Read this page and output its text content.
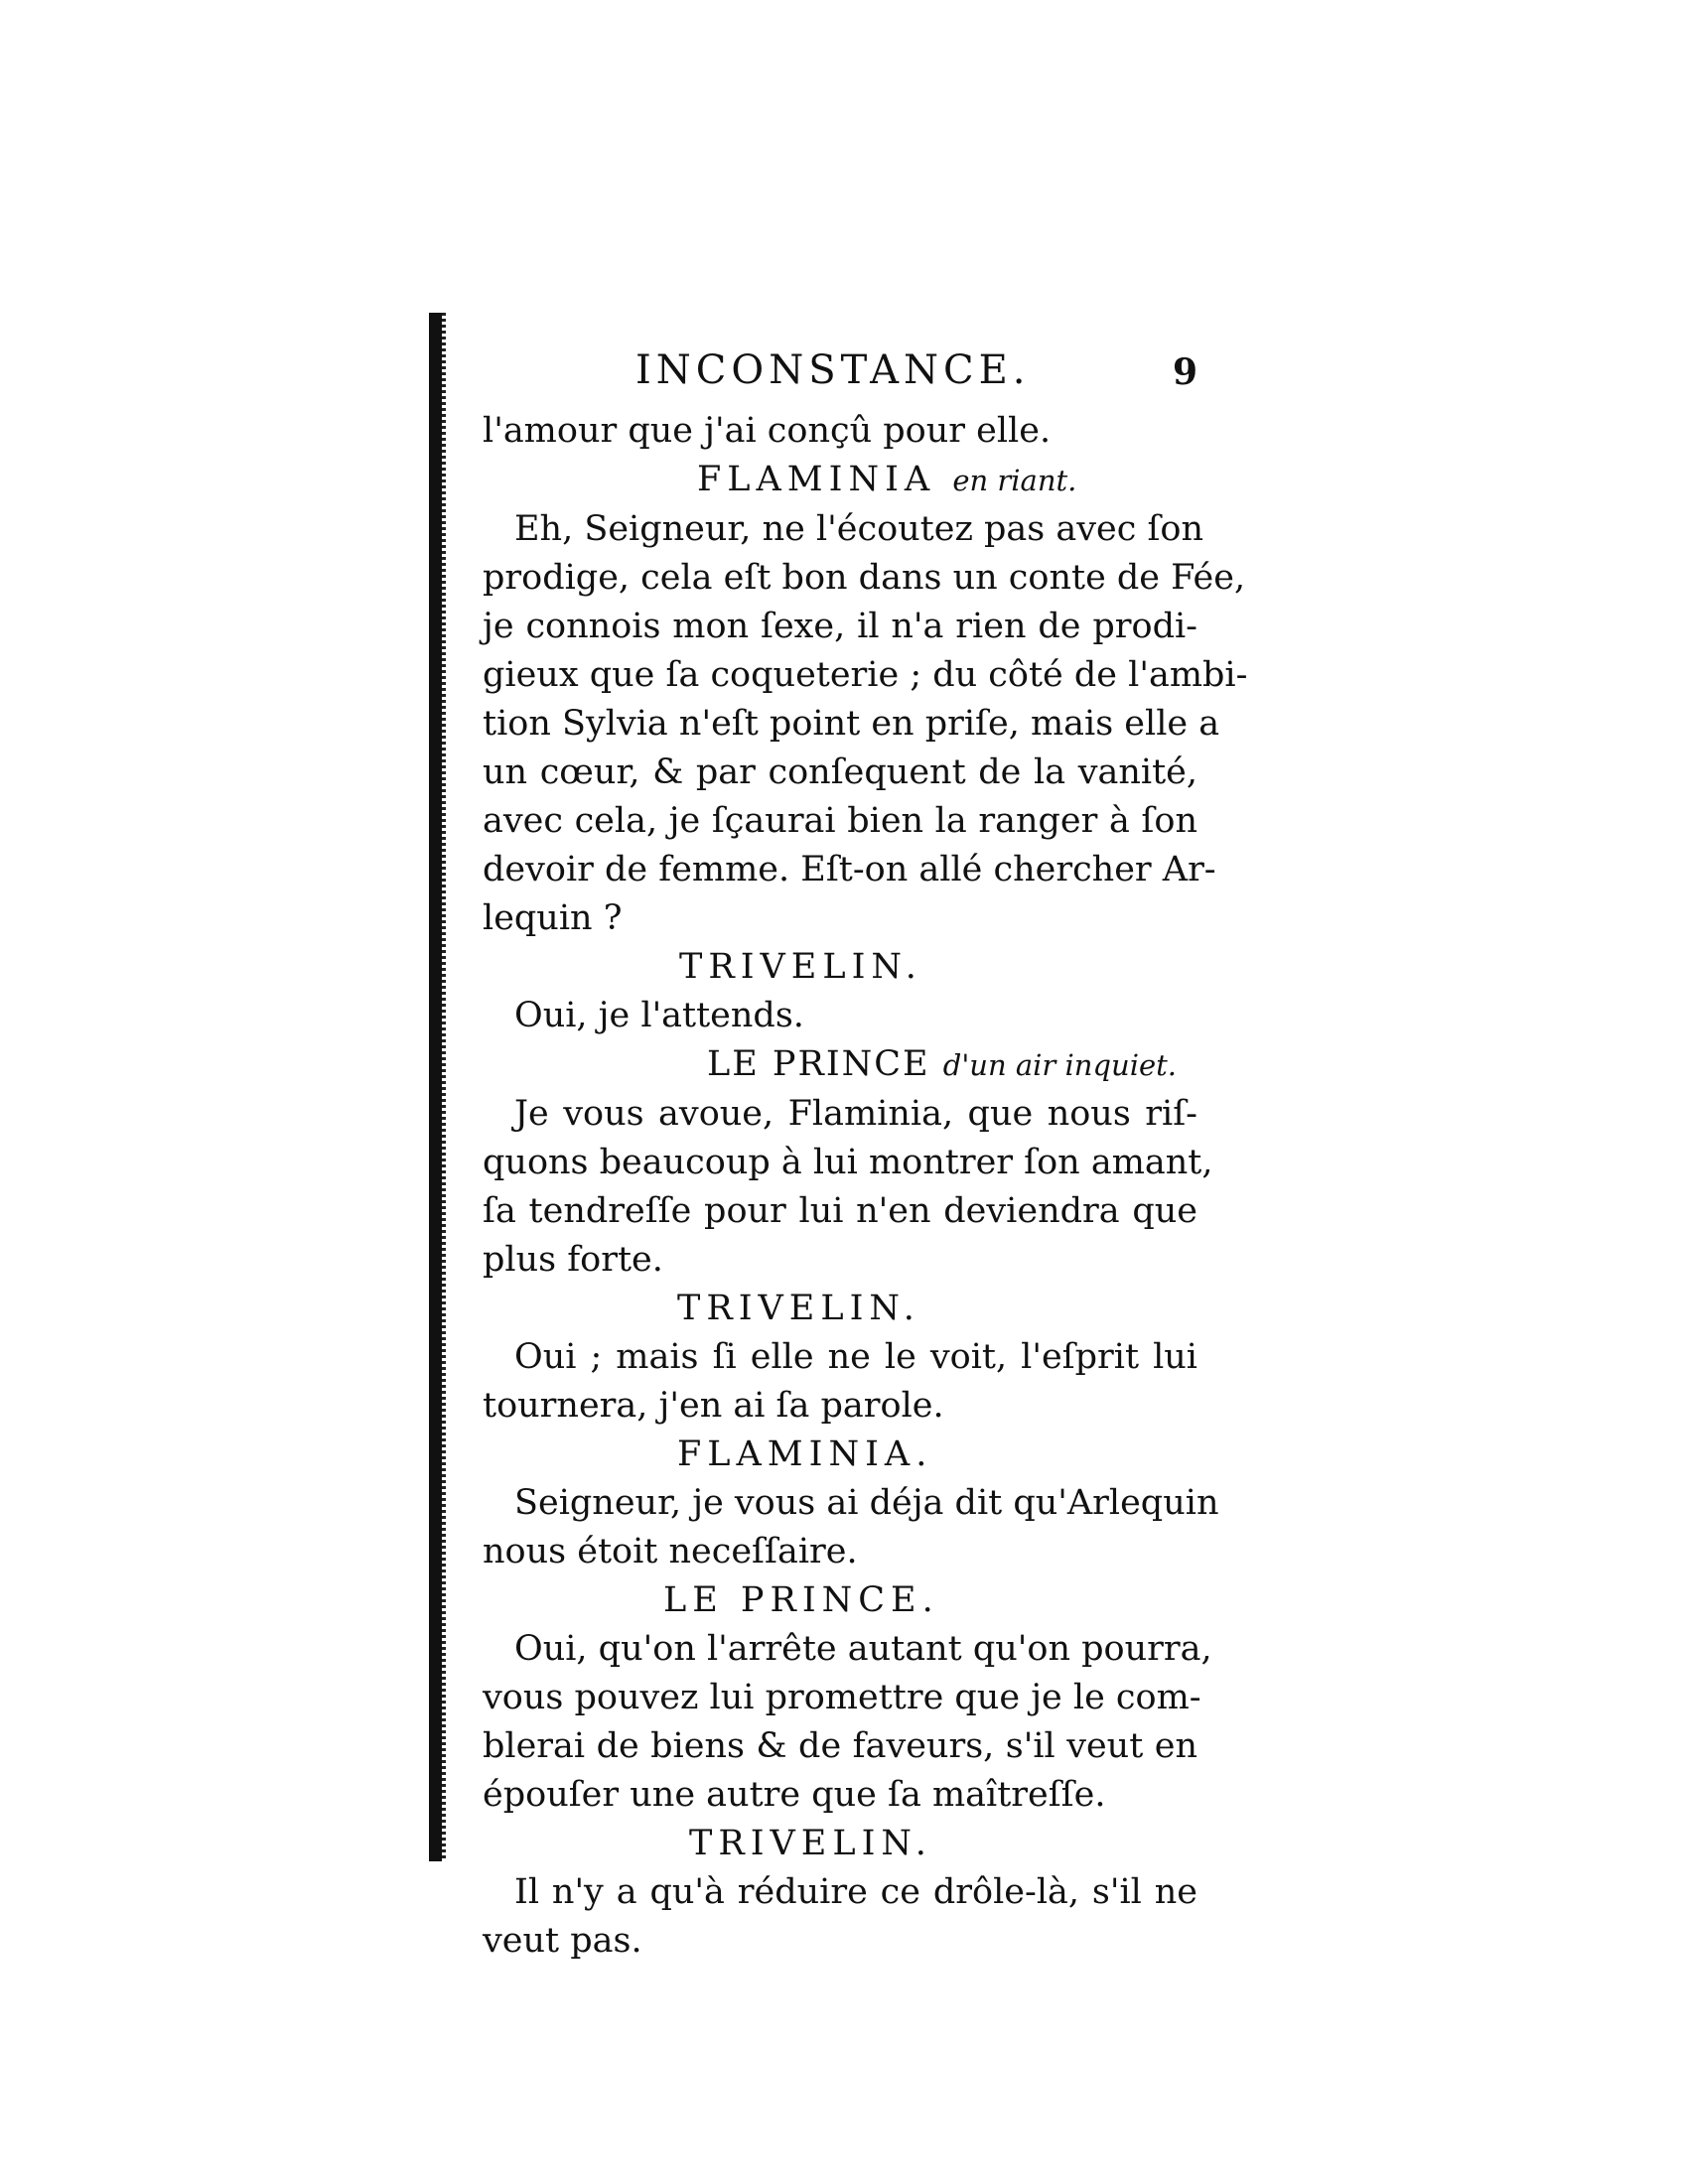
INCONSTANCE.	9
l'amour que j'ai conçû pour elle.
FLAMINIA en riant.
Eh, Seigneur, ne l'écoutez pas avec ſon
prodige, cela eſt bon dans un conte de Fée,
je connois mon ſexe, il n'a rien de prodi-
gieux que ſa coqueterie ; du côté de l'ambi-
tion Sylvia n'eſt point en priſe, mais elle a
un cœur, & par conſequent de la vanité,
avec cela, je ſçaurai bien la ranger à ſon
devoir de femme. Eſt-on allé chercher Ar-
lequin ?
TRIVELIN.
Oui, je l'attends.
LE PRINCE d'un air inquiet.
Je vous avoue, Flaminia, que nous riſ-
quons beaucoup à lui montrer ſon amant,
ſa tendreſſe pour lui n'en deviendra que
plus forte.
TRIVELIN.
Oui ; mais ſi elle ne le voit, l'eſprit lui
tournera, j'en ai ſa parole.
FLAMINIA.
Seigneur, je vous ai déja dit qu'Arlequin
nous étoit neceſſaire.
LE PRINCE.
Oui, qu'on l'arrête autant qu'on pourra,
vous pouvez lui promettre que je le com-
blerai de biens & de faveurs, s'il veut en
épouſer une autre que ſa maîtreſſe.
TRIVELIN.
Il n'y a qu'à réduire ce drôle-là, s'il ne
veut pas.
